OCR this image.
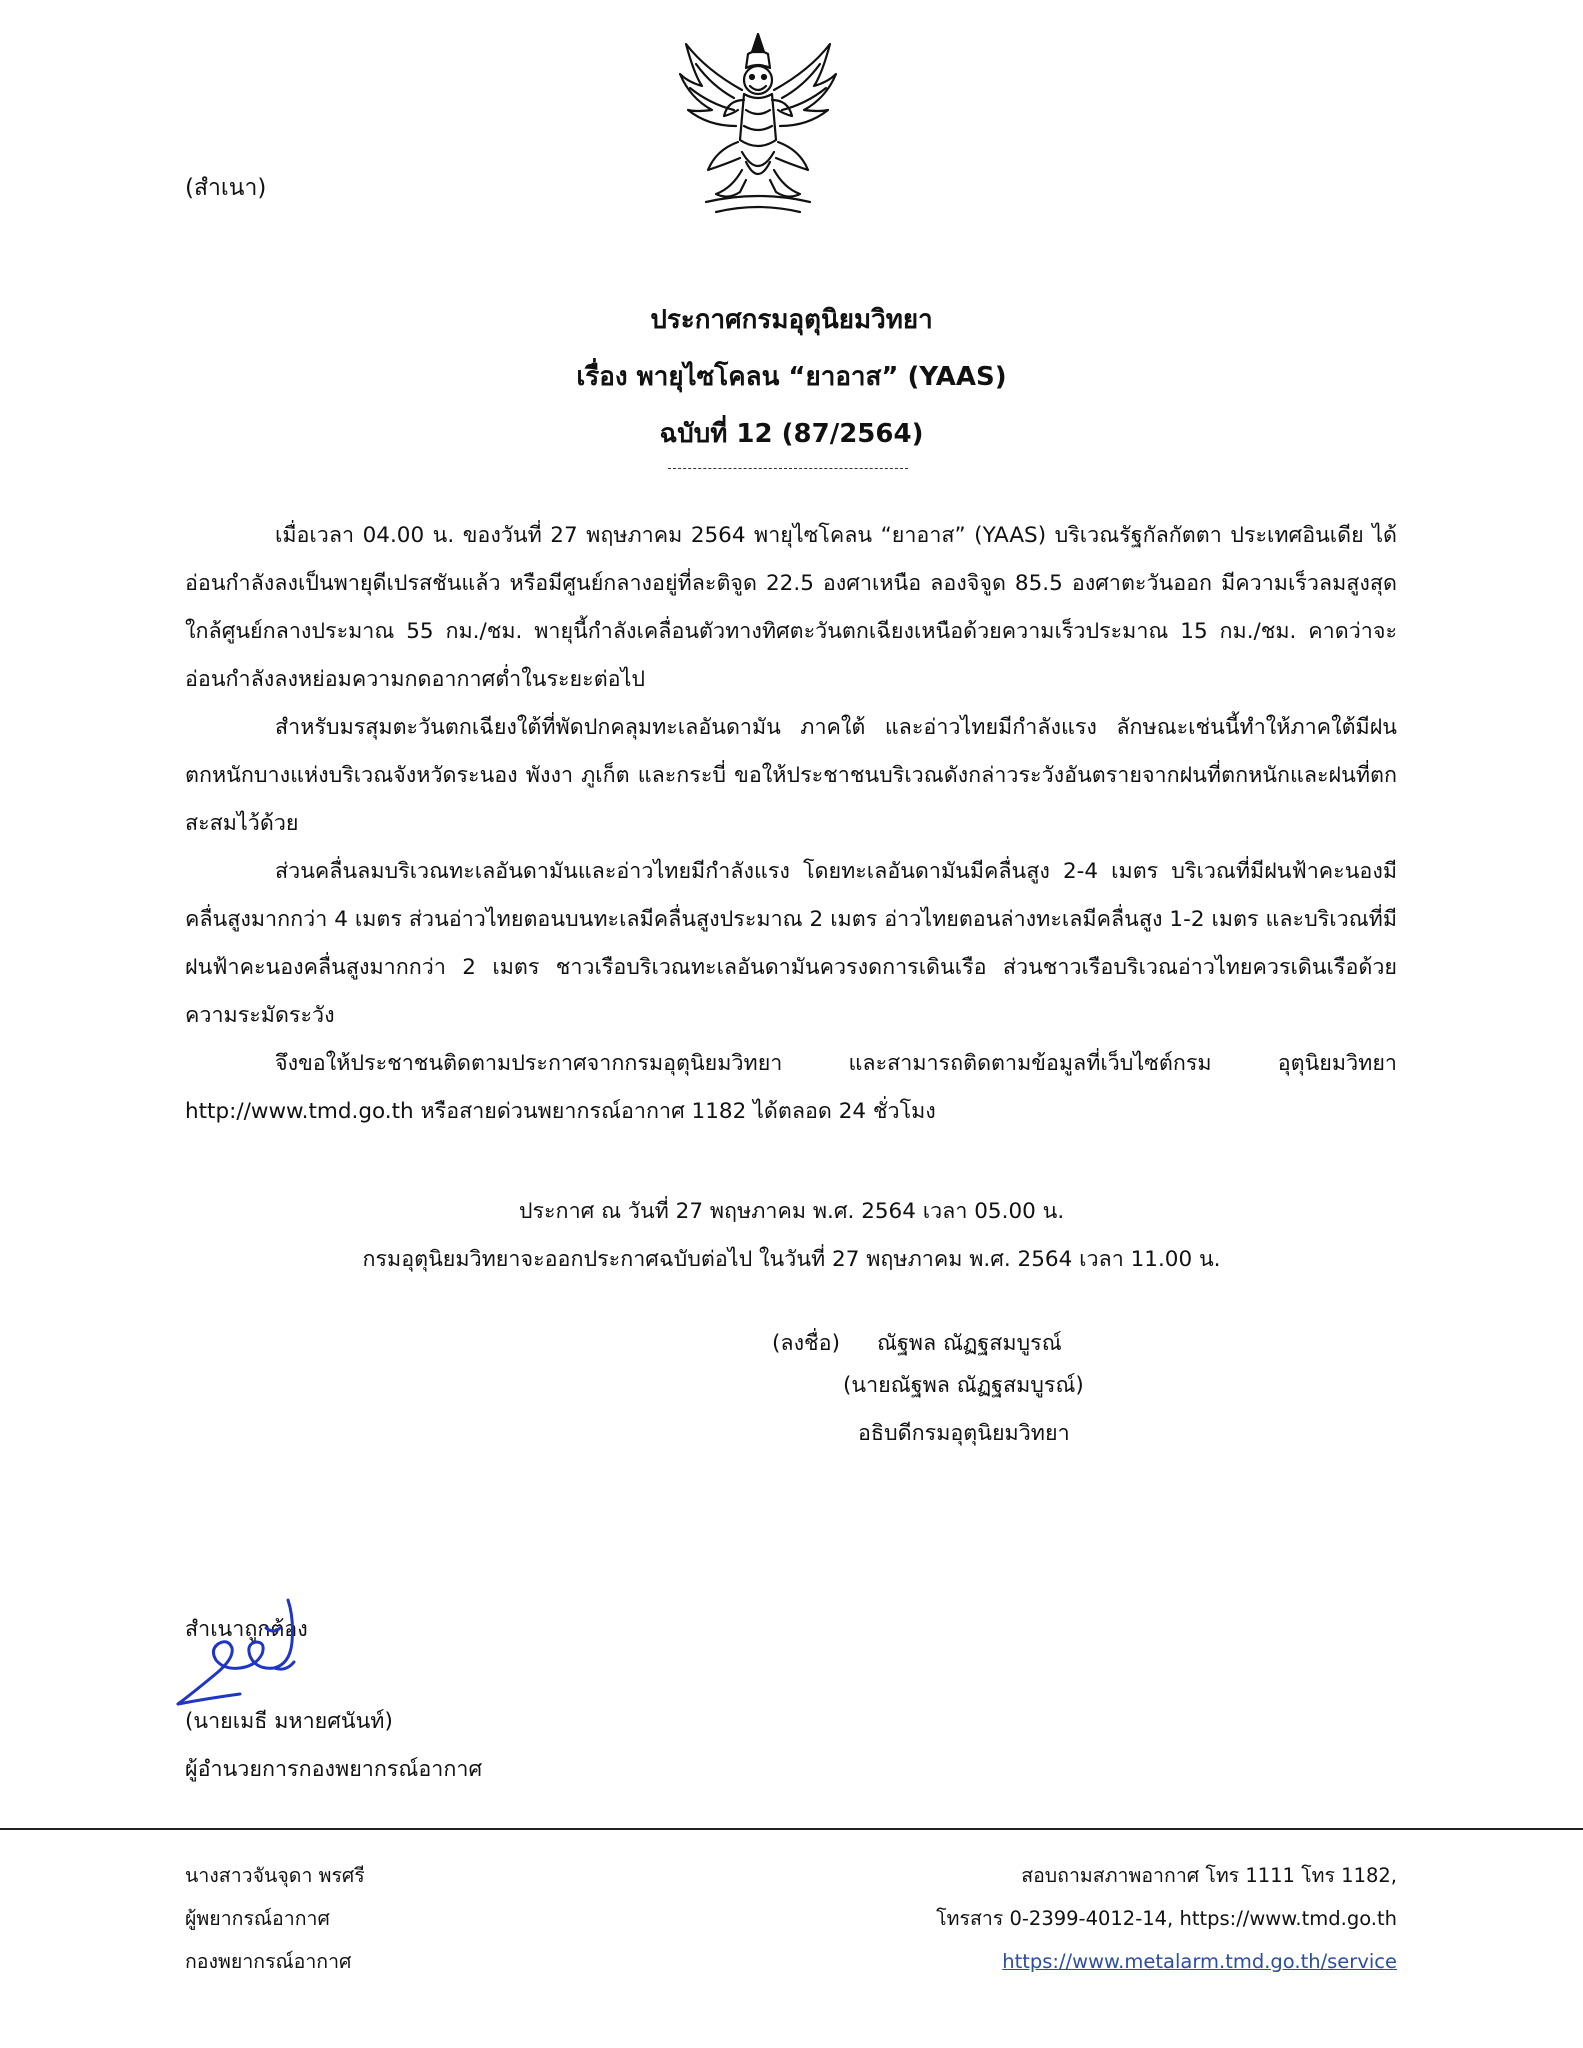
(สำเนา)
ประกาศกรมอุตุนิยมวิทยา
เรื่อง พายุไซโคลน “ยาอาส” (YAAS)
ฉบับที่ 12 (87/2564)

เมื่อเวลา 04.00 น. ของวันที่ 27 พฤษภาคม 2564 พายุไซโคลน “ยาอาส” (YAAS) บริเวณรัฐกัลกัตตา ประเทศอินเดีย ได้อ่อนกำลังลงเป็นพายุดีเปรสชันแล้ว หรือมีศูนย์กลางอยู่ที่ละติจูด 22.5 องศาเหนือ ลองจิจูด 85.5 องศาตะวันออก มีความเร็วลมสูงสุดใกล้ศูนย์กลางประมาณ 55 กม./ชม. พายุนี้กำลังเคลื่อนตัวทางทิศตะวันตกเฉียงเหนือด้วยความเร็วประมาณ 15 กม./ชม. คาดว่าจะอ่อนกำลังลงหย่อมความกดอากาศต่ำในระยะต่อไป

สำหรับมรสุมตะวันตกเฉียงใต้ที่พัดปกคลุมทะเลอันดามัน ภาคใต้ และอ่าวไทยมีกำลังแรง ลักษณะเช่นนี้ทำให้ภาคใต้มีฝนตกหนักบางแห่งบริเวณจังหวัดระนอง พังงา ภูเก็ต และกระบี่ ขอให้ประชาชนบริเวณดังกล่าวระวังอันตรายจากฝนที่ตกหนักและฝนที่ตกสะสมไว้ด้วย

ส่วนคลื่นลมบริเวณทะเลอันดามันและอ่าวไทยมีกำลังแรง โดยทะเลอันดามันมีคลื่นสูง 2-4 เมตร บริเวณที่มีฝนฟ้าคะนองมีคลื่นสูงมากกว่า 4 เมตร ส่วนอ่าวไทยตอนบนทะเลมีคลื่นสูงประมาณ 2 เมตร อ่าวไทยตอนล่างทะเลมีคลื่นสูง 1-2 เมตร และบริเวณที่มีฝนฟ้าคะนองคลื่นสูงมากกว่า 2 เมตร ชาวเรือบริเวณทะเลอันดามันควรงดการเดินเรือ ส่วนชาวเรือบริเวณอ่าวไทยควรเดินเรือด้วยความระมัดระวัง

จึงขอให้ประชาชนติดตามประกาศจากกรมอุตุนิยมวิทยา และสามารถติดตามข้อมูลที่เว็บไซต์กรม อุตุนิยมวิทยา http://www.tmd.go.th หรือสายด่วนพยากรณ์อากาศ 1182 ได้ตลอด 24 ชั่วโมง

ประกาศ ณ วันที่ 27 พฤษภาคม พ.ศ. 2564 เวลา 05.00 น.
กรมอุตุนิยมวิทยาจะออกประกาศฉบับต่อไป ในวันที่ 27 พฤษภาคม พ.ศ. 2564 เวลา 11.00 น.
(ลงชื่อ) ณัฐพล ณัฏฐสมบูรณ์
(นายณัฐพล ณัฏฐสมบูรณ์)
อธิบดีกรมอุตุนิยมวิทยา
สำเนาถูกต้อง
(นายเมธี มหายศนันท์)
ผู้อำนวยการกองพยากรณ์อากาศ
นางสาวจันจุดา พรศรี
ผู้พยากรณ์อากาศ
กองพยากรณ์อากาศ
สอบถามสภาพอากาศ โทร 1111 โทร 1182,
โทรสาร 0-2399-4012-14, https://www.tmd.go.th
https://www.metalarm.tmd.go.th/service
